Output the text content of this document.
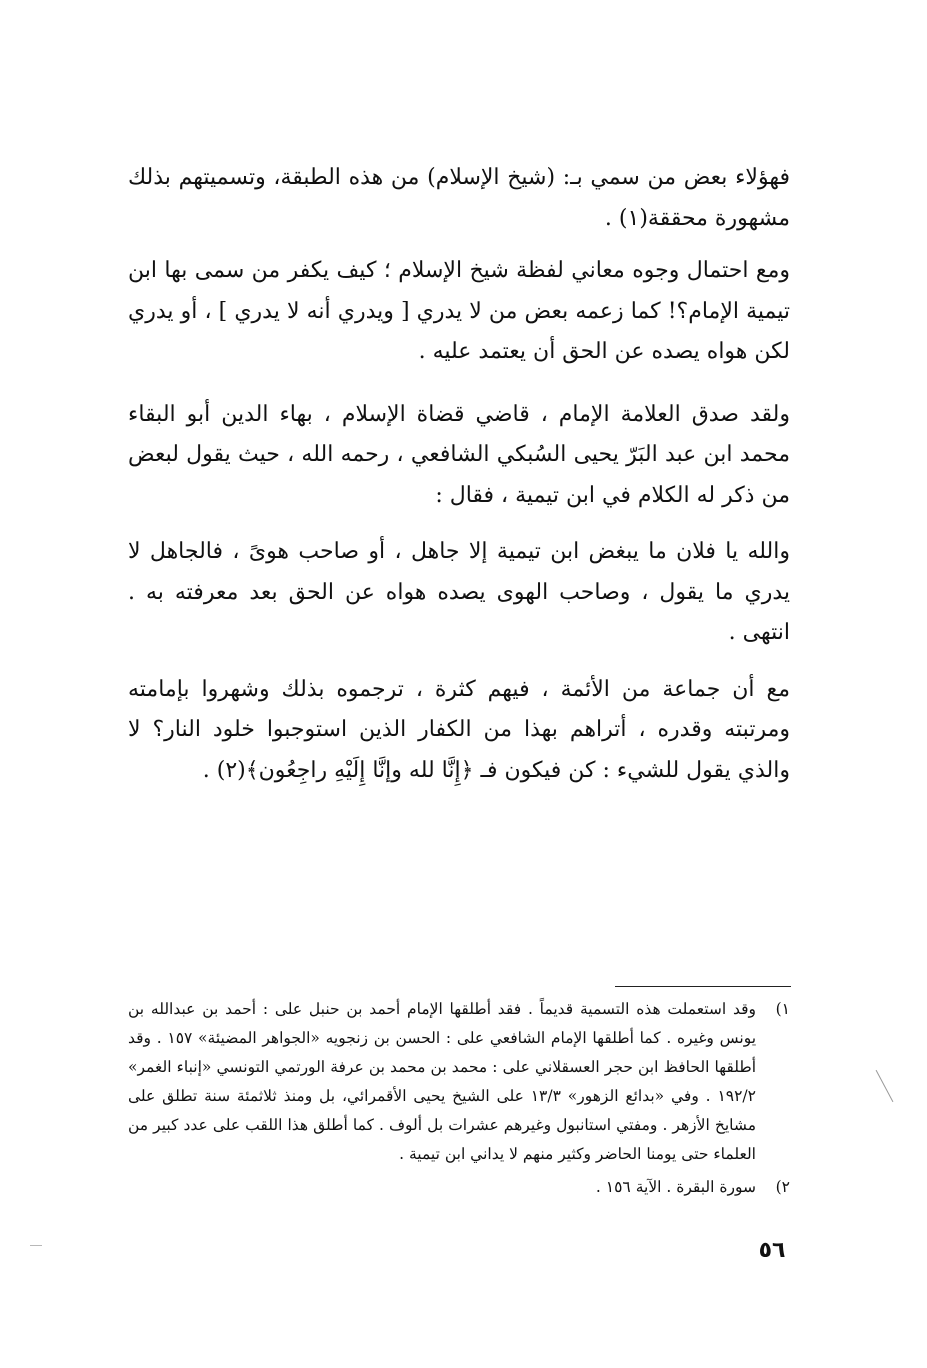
فهؤلاء بعض من سمي بـ: (شيخ الإسلام) من هذه الطبقة، وتسميتهم بذلك مشهورة محققة(١) .

ومع احتمال وجوه معاني لفظة شيخ الإسلام ؛ كيف يكفر من سمى بها ابن تيمية الإمام؟! كما زعمه بعض من لا يدري [ ويدري أنه لا يدري ] ، أو يدري لكن هواه يصده عن الحق أن يعتمد عليه .

ولقد صدق العلامة الإمام ، قاضي قضاة الإسلام ، بهاء الدين أبو البقاء محمد ابن عبد البَرّ يحيى السُبكي الشافعي ، رحمه الله ، حيث يقول لبعض من ذكر له الكلام في ابن تيمية ، فقال :

والله يا فلان ما يبغض ابن تيمية إلا جاهل ، أو صاحب هوىً ، فالجاهل لا يدري ما يقول ، وصاحب الهوى يصده هواه عن الحق بعد معرفته به . انتهى .

مع أن جماعة من الأئمة ، فيهم كثرة ، ترجموه بذلك وشهروا بإمامته ومرتبته وقدره ، أتراهم بهذا من الكفار الذين استوجبوا خلود النار؟ لا والذي يقول للشيء : كن فيكون فـ ﴿إِنَّا لله وإنَّا إِلَيْهِ راجِعُون﴾(٢) .

١)
وقد استعملت هذه التسمية قديماً . فقد أطلقها الإمام أحمد بن حنبل على : أحمد بن عبدالله بن يونس وغيره . كما أطلقها الإمام الشافعي على : الحسن بن زنجويه «الجواهر المضيئة» ١٥٧ . وقد أطلقها الحافظ ابن حجر العسقلاني على : محمد بن محمد بن عرفة الورتمي التونسي «إنباء الغمر» ١٩٢/٢ . وفي «بدائع الزهور» ١٣/٣ على الشيخ يحيى الأقمرائي، بل ومنذ ثلاثمئة سنة تطلق على مشايخ الأزهر . ومفتي استانبول وغيرهم عشرات بل ألوف . كما أطلق هذا اللقب على عدد كبير من العلماء حتى يومنا الحاضر وكثير منهم لا يداني ابن تيمية .
٢)
سورة البقرة . الآية ١٥٦ .
٥٦
